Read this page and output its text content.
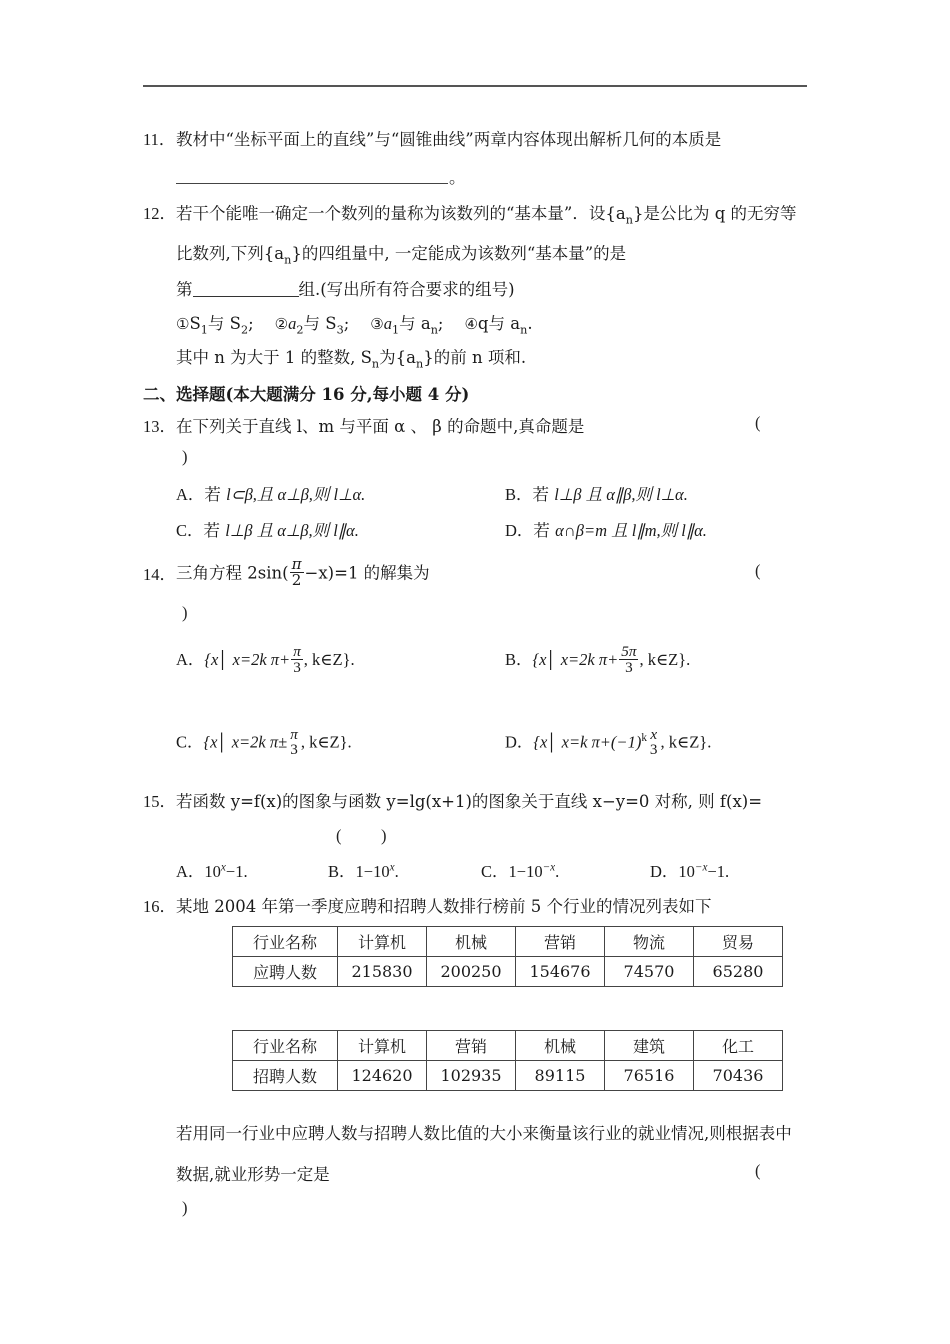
11． 教材中“坐标平面上的直线”与“圆锥曲线”两章内容体现出解析几何的本质是
。
12． 若干个能唯一确定一个数列的量称为该数列的“基本量”．设$\{a_n\}$是公比为 q 的无穷等
比数列,下列$\{a_n\}$的四组量中, 一定能成为该数列“基本量”的是
第	组.(写出所有符合要求的组号)
$①S_1$与 $S_2$; $②a_2$与 $S_3$; $③a_1$与 $a_n$; ④q与 $a_n$.
其中 n 为大于 1 的整数, $S_n$为$\{a_n\}$的前 n 项和.
二、选择题(本大题满分 16 分,每小题 4 分)
13． 在下列关于直线 l、m 与平面 α 、 β 的命题中,真命题是	(
)
A．若 l⊂β,且 α⊥β,则 l⊥α.	B．若 l⊥β 且 α∥β,则 l⊥α.
C．若 l⊥β 且 α⊥β,则 l∥α.	D．若 α∩β=m 且 l∥m,则 l∥α.
14． 三角方程 $2\sin( \frac{\pi}{2} -x)=1$ 的解集为	(
)
A．{x│ x=2k $\pi+ \frac{\pi}{3}$ , k∈Z}.	B．{x│ x=2k $\pi+ \frac{5\pi}{3}$ , k∈Z}.
C．{x│ x=2k π± π
3 , k∈Z}.	D．{x│ x=k $\pi+(-1)^k$ x
3 , k∈Z}.
15． 若函数 y=f(x)的图象与函数 y=lg(x+1)的图象关于直线 x−y=0 对称, 则 f(x)=
( )
A．$10^x-1$.	B．$1-10^x$.	C．$1-10^{-x}$.	D．$10^{-x}-1$.
16． 某地 2004 年第一季度应聘和招聘人数排行榜前 5 个行业的情况列表如下
行业名称	计算机	机械	营销	物流	贸易
应聘人数	215830	200250	154676	74570	65280
行业名称	计算机	营销	机械	建筑	化工
招聘人数	124620	102935	89115	76516	70436
若用同一行业中应聘人数与招聘人数比值的大小来衡量该行业的就业情况,则根据表中
数据,就业形势一定是	(
)
